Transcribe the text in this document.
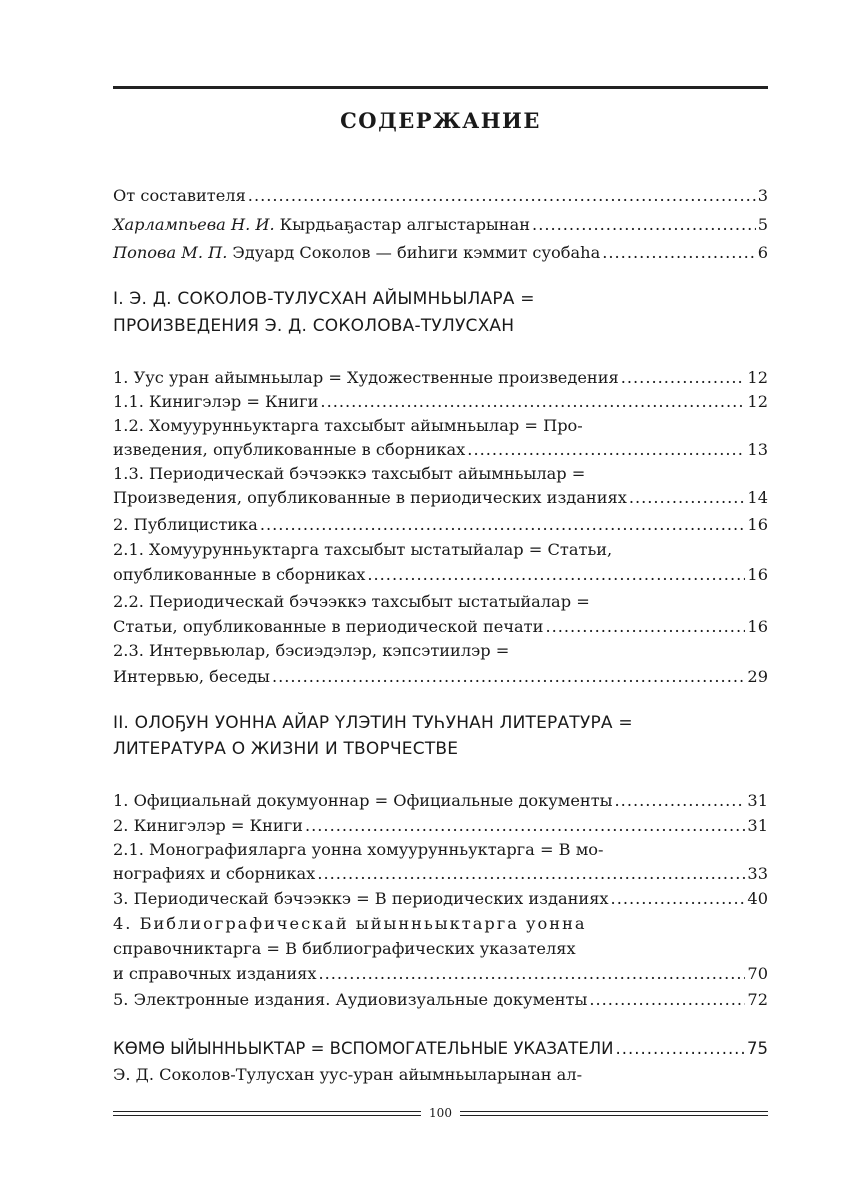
СОДЕРЖАНИЕ
От составителя .....	3
Харлампьева Н. И. Кырдьаҕастар алгыстарынан .....	5
Попова М. П. Эдуард Соколов — биһиги кэммит суобаһа .....	6
I. Э. Д. СОКОЛОВ-ТУЛУСХАН АЙЫМНЬЫЛАРА =
ПРОИЗВЕДЕНИЯ Э. Д. СОКОЛОВА-ТУЛУСХАН
1. Уус уран айымньылар = Художественные произведения .....	12
1.1. Кинигэлэр = Книги .....	12
1.2. Хомуурунньуктарга тахсыбыт айымньылар = Про-
изведения, опубликованные в сборниках .....	13
1.3. Периодическай бэчээккэ тахсыбыт айымньылар =
Произведения, опубликованные в периодических изданиях .....	14
2. Публицистика .....	16
2.1. Хомуурунньуктарга тахсыбыт ыстатыйалар = Статьи,
опубликованные в сборниках .....	16
2.2. Периодическай бэчээккэ тахсыбыт ыстатыйалар =
Статьи, опубликованные в периодической печати .....	16
2.3. Интервьюлар, бэсиэдэлэр, кэпсэтиилэр =
Интервью, беседы .....	29
II. ОЛОҔУН УОННА АЙАР ҮЛЭТИН ТУҺУНАН ЛИТЕРАТУРА =
ЛИТЕРАТУРА О ЖИЗНИ И ТВОРЧЕСТВЕ
1. Официальнай докумуоннар = Официальные документы .....	31
2. Кинигэлэр = Книги .....	31
2.1. Монографияларга уонна хомуурунньуктарга = В мо-
нографиях и сборниках .....	33
3. Периодическай бэчээккэ = В периодических изданиях .....	40
4. Библиографическай ыйынньыктарга уонна
справочниктарга = В библиографических указателях
и справочных изданиях .....	70
5. Электронные издания. Аудиовизуальные документы .....	72
КӨМӨ ЫЙЫННЬЫКТАР = ВСПОМОГАТЕЛЬНЫЕ УКАЗАТЕЛИ .....	75
Э. Д. Соколов-Тулусхан уус-уран айымньыларынан ал-
100
